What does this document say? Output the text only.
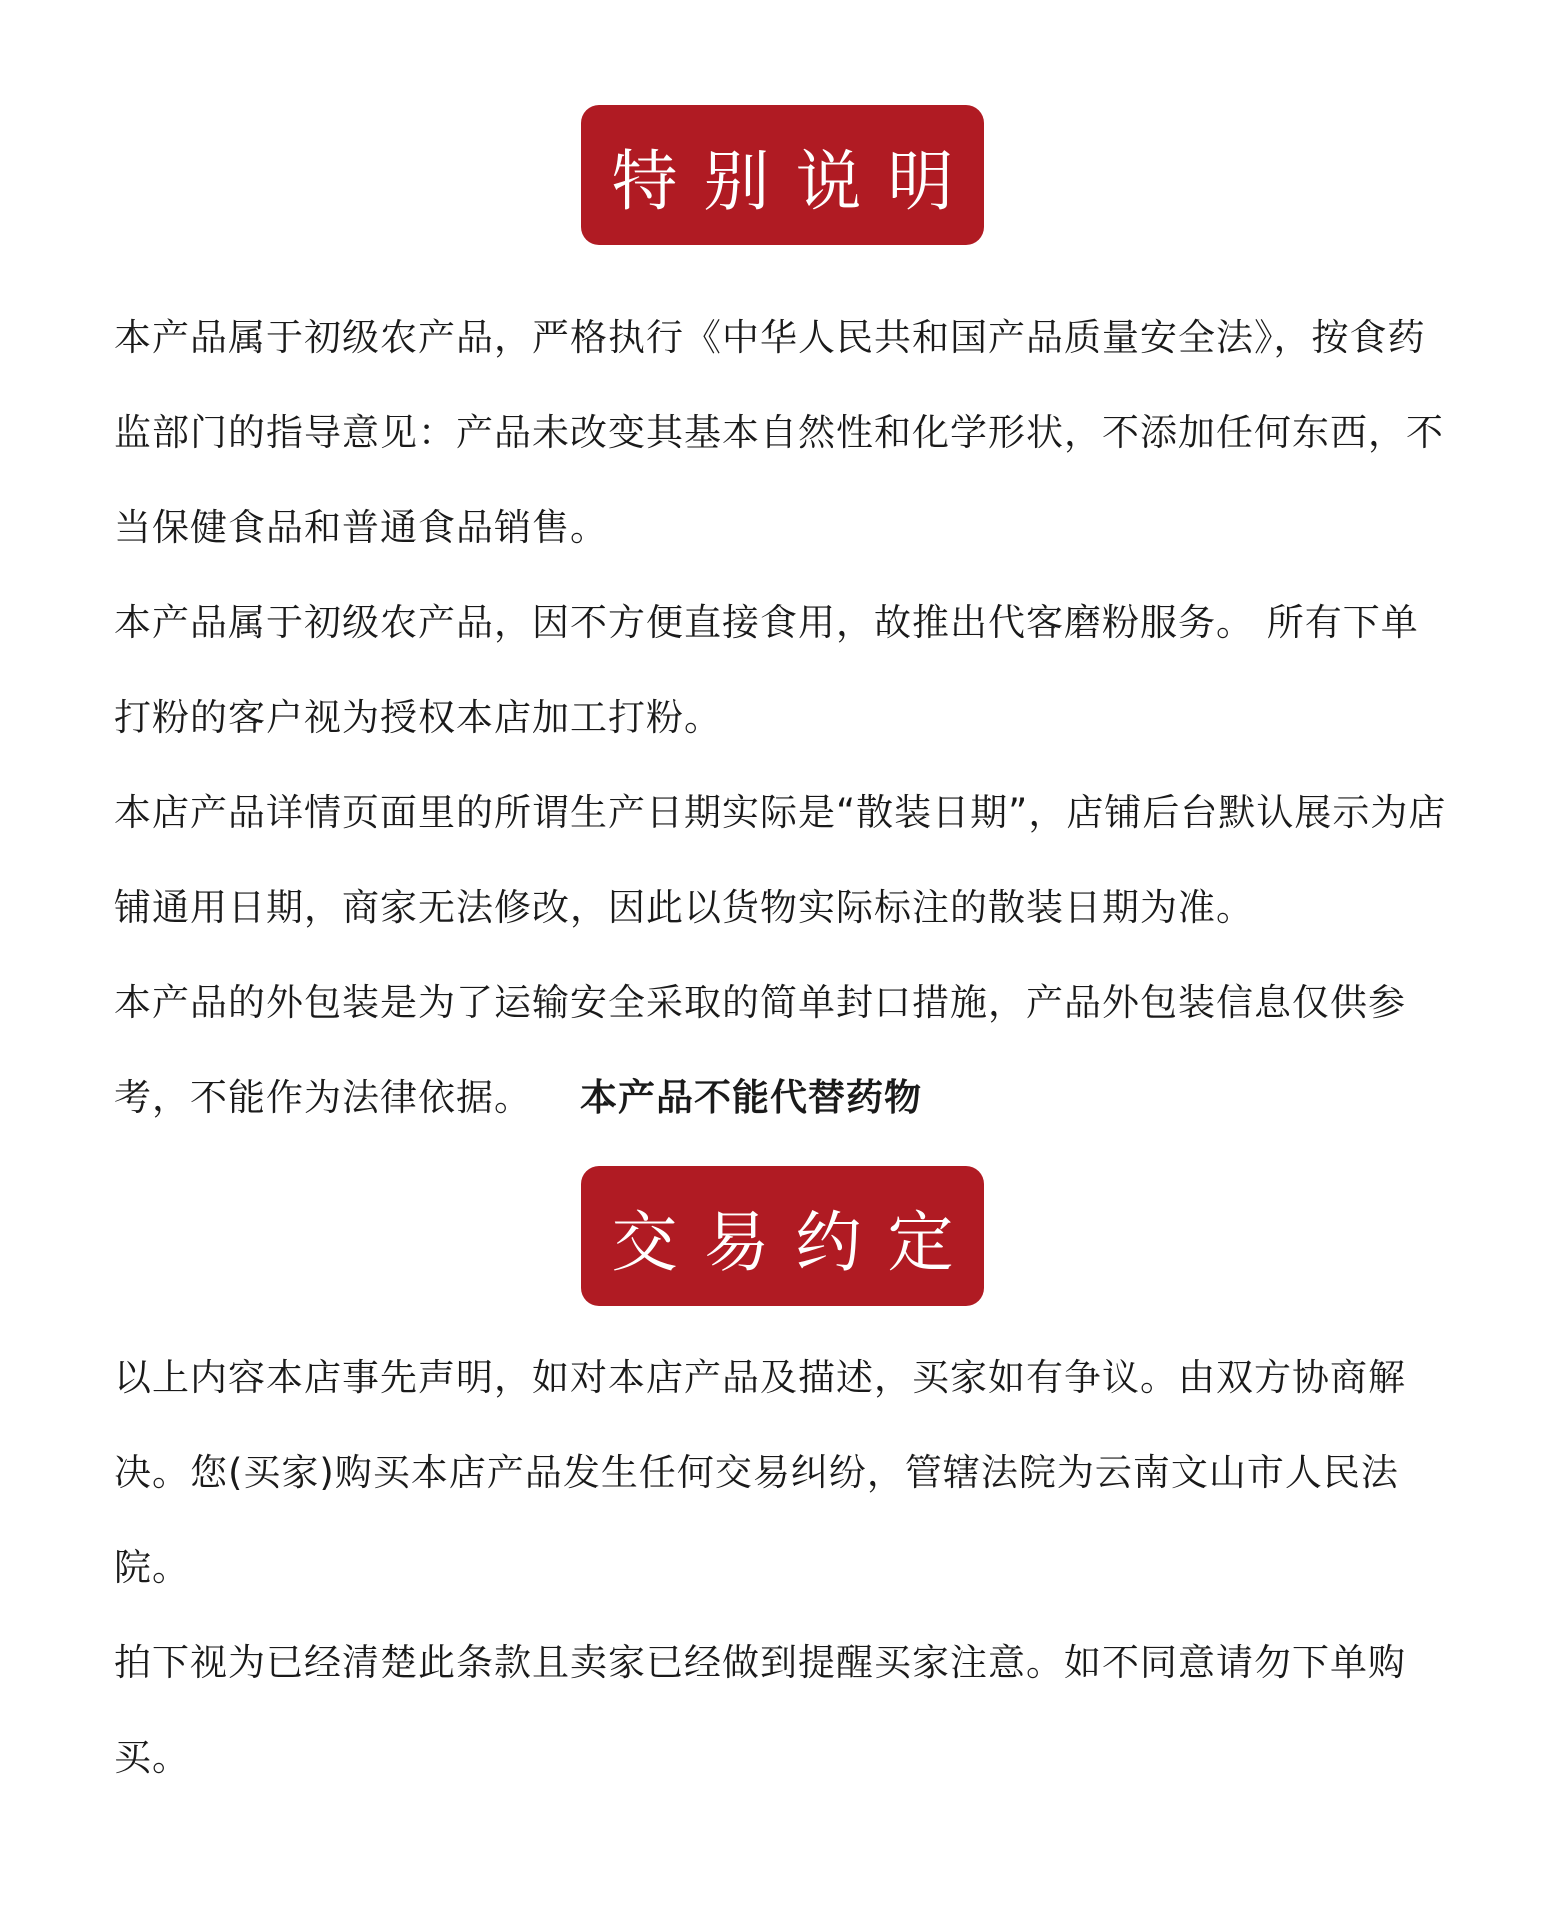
特别说明

本产品属于初级农产品，严格执行《中华人民共和国产品质量安全法》，按食药监部门的指导意见：产品未改变其基本自然性和化学形状，不添加任何东西，不当保健食品和普通食品销售。

本产品属于初级农产品，因不方便直接食用，故推出代客磨粉服务。 所有下单打粉的客户视为授权本店加工打粉。

本店产品详情页面里的所谓生产日期实际是“散装日期”，店铺后台默认展示为店铺通用日期，商家无法修改，因此以货物实际标注的散装日期为准。

本产品的外包装是为了运输安全采取的简单封口措施，产品外包装信息仅供参考，不能作为法律依据。 本产品不能代替药物

交易约定

以上内容本店事先声明，如对本店产品及描述，买家如有争议。由双方协商解决。您(买家)购买本店产品发生任何交易纠纷，管辖法院为云南文山市人民法院。

拍下视为已经清楚此条款且卖家已经做到提醒买家注意。如不同意请勿下单购买。
